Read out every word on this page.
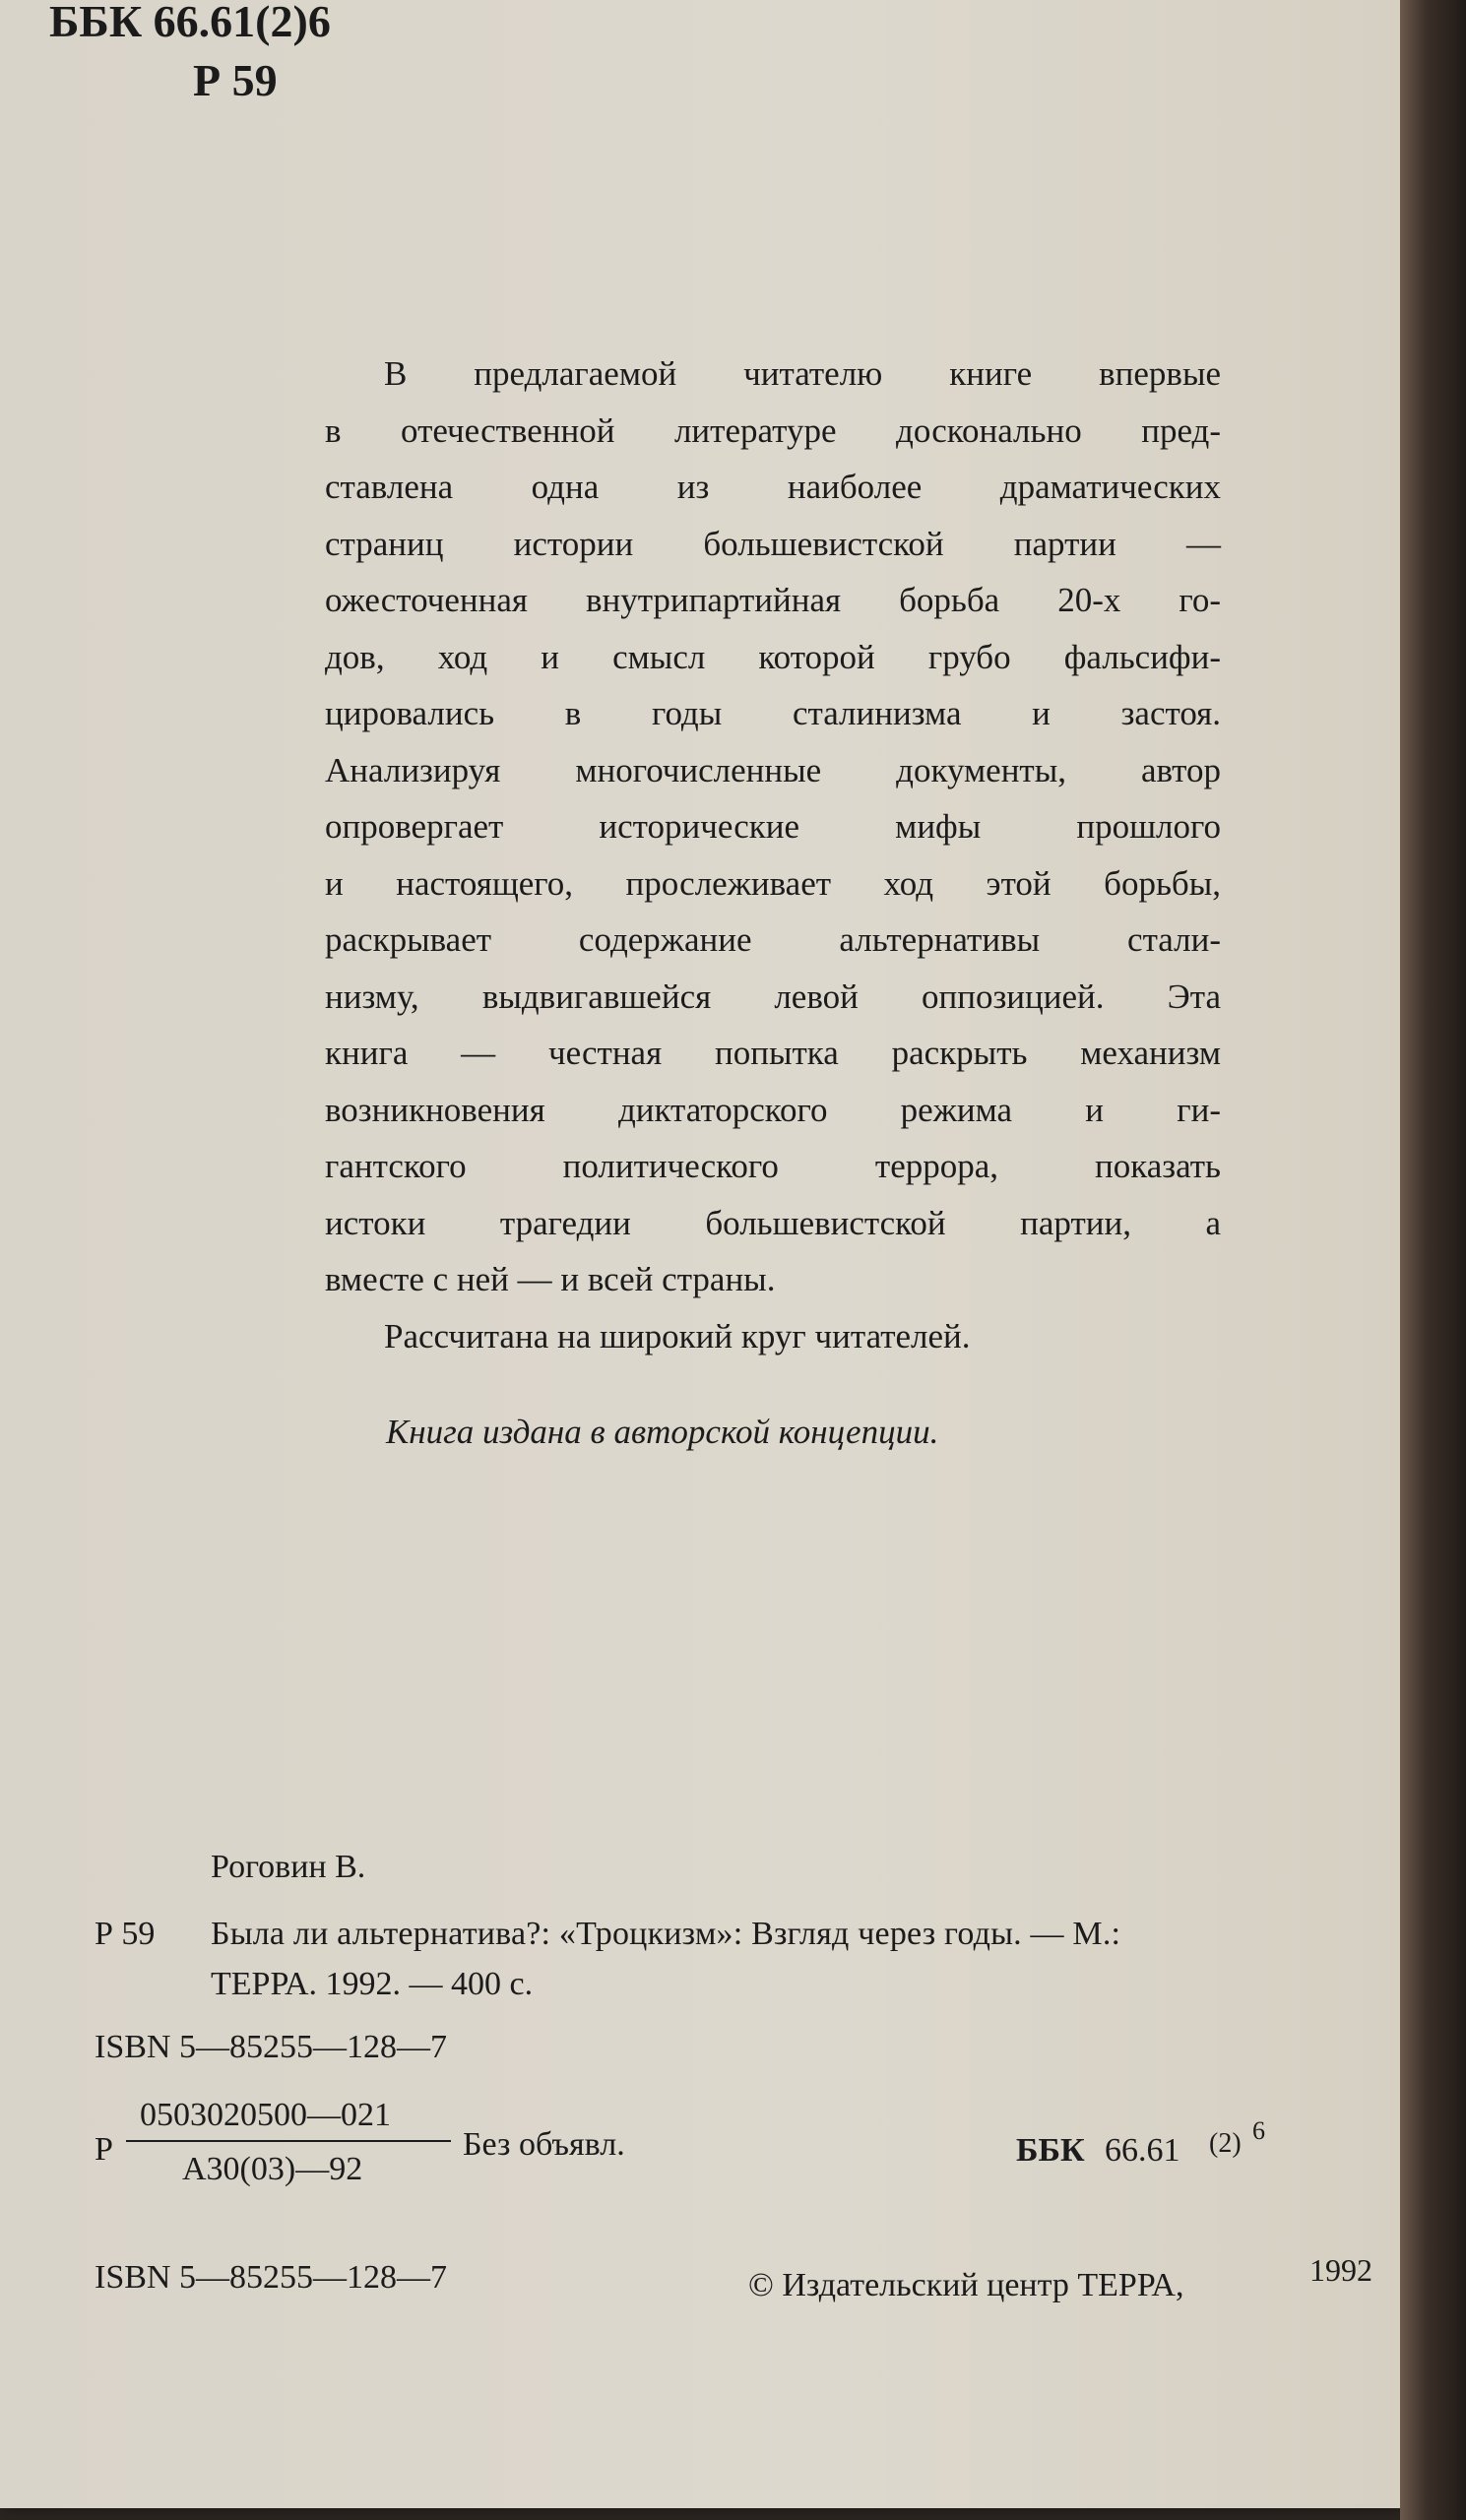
ББК 66.61(2)6
Р 59
В предлагаемой читателю книге впервые
в отечественной литературе досконально пред-
ставлена одна из наиболее драматических
страниц истории большевистской партии —
ожесточенная внутрипартийная борьба 20-х го-
дов, ход и смысл которой грубо фальсифи-
цировались в годы сталинизма и застоя.
Анализируя многочисленные документы, автор
опровергает исторические мифы прошлого
и настоящего, прослеживает ход этой борьбы,
раскрывает содержание альтернативы стали-
низму, выдвигавшейся левой оппозицией. Эта
книга — честная попытка раскрыть механизм
возникновения диктаторского режима и ги-
гантского политического террора, показать
истоки трагедии большевистской партии, а
вместе с ней — и всей страны.
Рассчитана на широкий круг читателей.
Книга издана в авторской концепции.
Роговин В.
Р 59 Была ли альтернатива?: «Троцкизм»: Взгляд через годы. — М.:
ТЕРРА. 1992. — 400 с.
ISBN 5—85255—128—7
Р
0503020500—021
А30(03)—92
Без объявл.	ББК 66.61 (2) 6
ISBN 5—85255—128—7	© Издательский центр ТЕРРА,	1992
